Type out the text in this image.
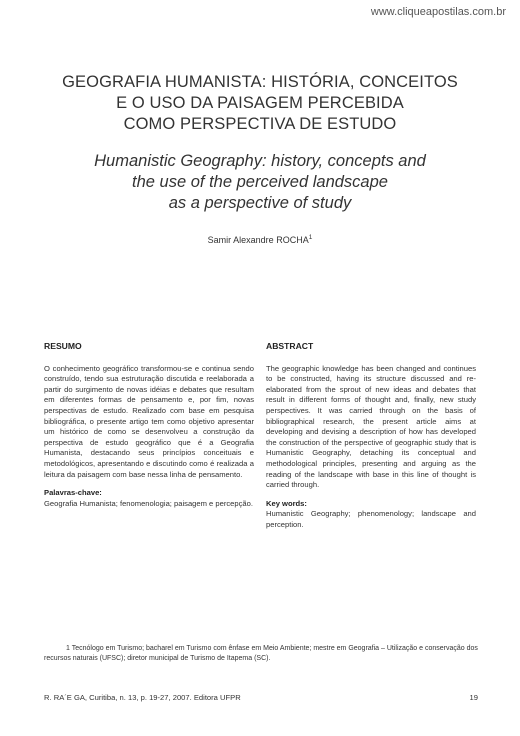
www.cliqueapostilas.com.br
GEOGRAFIA HUMANISTA: HISTÓRIA, CONCEITOS
E O USO DA PAISAGEM PERCEBIDA
COMO PERSPECTIVA DE ESTUDO
Humanistic Geography: history, concepts and
the use of the perceived landscape
as a perspective of study
Samir Alexandre ROCHA$^1$
RESUMO
O conhecimento geográfico transformou-se e continua sendo construído, tendo sua estruturação discutida e reelaborada a partir do surgimento de novas idéias e debates que resultam em diferentes formas de pensamento e, por fim, novas perspectivas de estudo. Realizado com base em pesquisa bibliográfica, o presente artigo tem como objetivo apresentar um histórico de como se desenvolveu a construção da perspectiva de estudo geográfico que é a Geografia Humanista, destacando seus princípios conceituais e metodológicos, apresentando e discutindo como é realizada a leitura da paisagem com base nessa linha de pensamento.
Palavras-chave:
Geografia Humanista; fenomenologia; paisagem e percepção.
ABSTRACT
The geographic knowledge has been changed and continues to be constructed, having its structure discussed and re-elaborated from the sprout of new ideas and debates that result in different forms of thought and, finally, new study perspectives. It was carried through on the basis of bibliographical research, the present article aims at developing and devising a description of how has developed the construction of the perspective of geographic study that is Humanistic Geography, detaching its conceptual and methodological principles, presenting and arguing as the reading of the landscape with base in this line of thought is carried through.
Key words:
Humanistic Geography; phenomenology; landscape and perception.
1 Tecnólogo em Turismo; bacharel em Turismo com ênfase em Meio Ambiente; mestre em Geografia – Utilização e conservação dos recursos naturais (UFSC); diretor municipal de Turismo de Itapema (SC).
R. RA´E GA, Curitiba, n. 13, p. 19-27, 2007. Editora UFPR	19
